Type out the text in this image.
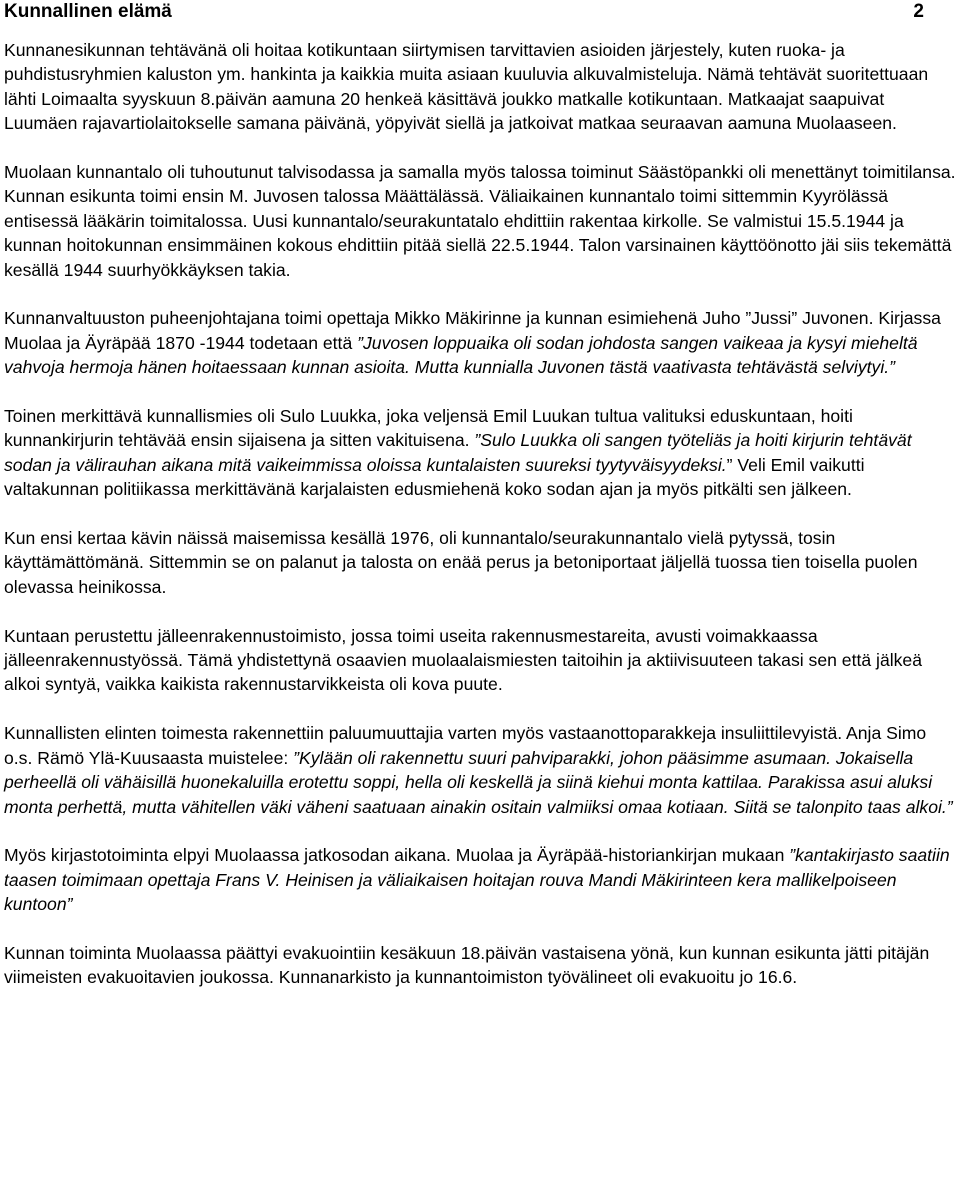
Kunnallinen elämä	2

Kunnanesikunnan tehtävänä oli hoitaa kotikuntaan siirtymisen tarvittavien asioiden järjestely, kuten ruoka- ja puhdistusryhmien kaluston ym. hankinta ja kaikkia muita asiaan kuuluvia alkuvalmisteluja. Nämä tehtävät suoritettuaan lähti Loimaalta syyskuun 8.päivän aamuna 20 henkeä käsittävä joukko matkalle kotikuntaan. Matkaajat saapuivat Luumäen rajavartiolaitokselle samana päivänä, yöpyivät siellä ja jatkoivat matkaa seuraavan aamuna Muolaaseen.

Muolaan kunnantalo oli tuhoutunut talvisodassa ja samalla myös talossa toiminut Säästöpankki oli menettänyt toimitilansa. Kunnan esikunta toimi ensin M. Juvosen talossa Määttälässä. Väliaikainen kunnantalo toimi sittemmin Kyyrölässä entisessä lääkärin toimitalossa. Uusi kunnantalo/seurakuntatalo ehdittiin rakentaa kirkolle. Se valmistui 15.5.1944 ja kunnan hoitokunnan ensimmäinen kokous ehdittiin pitää siellä 22.5.1944. Talon varsinainen käyttöönotto jäi siis tekemättä kesällä 1944 suurhyökkäyksen takia.

Kunnanvaltuuston puheenjohtajana toimi opettaja Mikko Mäkirinne ja kunnan esimiehenä Juho ”Jussi” Juvonen. Kirjassa Muolaa ja Äyräpää 1870 -1944 todetaan että ”Juvosen loppuaika oli sodan johdosta sangen vaikeaa ja kysyi mieheltä vahvoja hermoja hänen hoitaessaan kunnan asioita. Mutta kunnialla Juvonen tästä vaativasta tehtävästä selviytyi.”

Toinen merkittävä kunnallismies oli Sulo Luukka, joka veljensä Emil Luukan tultua valituksi eduskuntaan, hoiti kunnankirjurin tehtävää ensin sijaisena ja sitten vakituisena. ”Sulo Luukka oli sangen työteliäs ja hoiti kirjurin tehtävät sodan ja välirauhan aikana mitä vaikeimmissa oloissa kuntalaisten suureksi tyytyväisyydeksi.” Veli Emil vaikutti valtakunnan politiikassa merkittävänä karjalaisten edusmiehenä koko sodan ajan ja myös pitkälti sen jälkeen.

Kun ensi kertaa kävin näissä maisemissa kesällä 1976, oli kunnantalo/seurakunnantalo vielä pytyssä, tosin käyttämättömänä. Sittemmin se on palanut ja talosta on enää perus ja betoniportaat jäljellä tuossa tien toisella puolen olevassa heinikossa.

Kuntaan perustettu jälleenrakennustoimisto, jossa toimi useita rakennusmestareita, avusti voimakkaassa jälleenrakennustyössä. Tämä yhdistettynä osaavien muolaalaismiesten taitoihin ja aktiivisuuteen takasi sen että jälkeä alkoi syntyä, vaikka kaikista rakennustarvikkeista oli kova puute.

Kunnallisten elinten toimesta rakennettiin paluumuuttajia varten myös vastaanottoparakkeja insuliittilevyistä. Anja Simo o.s. Rämö Ylä-Kuusaasta muistelee: ”Kylään oli rakennettu suuri pahviparakki, johon pääsimme asumaan. Jokaisella perheellä oli vähäisillä huonekaluilla erotettu soppi, hella oli keskellä ja siinä kiehui monta kattilaa. Parakissa asui aluksi monta perhettä, mutta vähitellen väki väheni saatuaan ainakin ositain valmiiksi omaa kotiaan. Siitä se talonpito taas alkoi.”

Myös kirjastotoiminta elpyi Muolaassa jatkosodan aikana. Muolaa ja Äyräpää-historiankirjan mukaan ”kantakirjasto saatiin taasen toimimaan opettaja Frans V. Heinisen ja väliaikaisen hoitajan rouva Mandi Mäkirinteen kera mallikelpoiseen kuntoon”

Kunnan toiminta Muolaassa päättyi evakuointiin kesäkuun 18.päivän vastaisena yönä, kun kunnan esikunta jätti pitäjän viimeisten evakuoitavien joukossa. Kunnanarkisto ja kunnantoimiston työvälineet oli evakuoitu jo 16.6.
